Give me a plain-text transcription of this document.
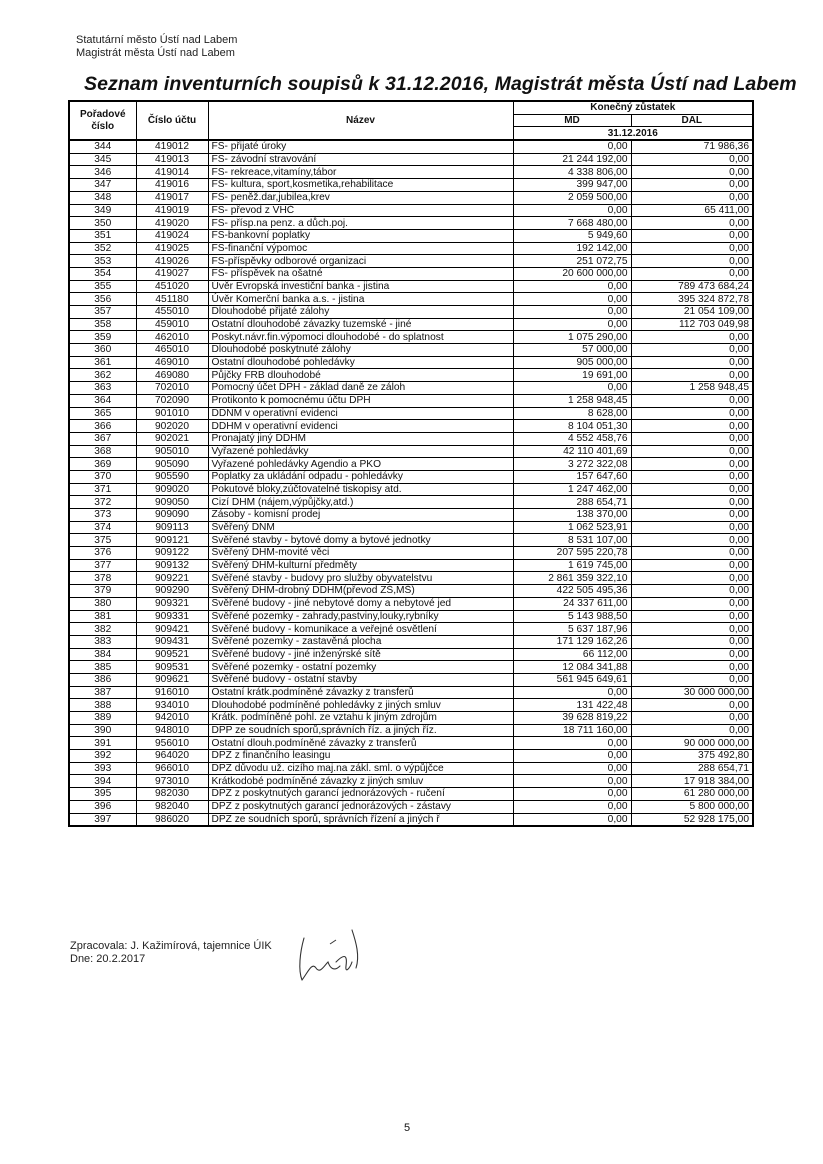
Statutární město Ústí nad Labem
Magistrát města Ústí nad Labem
Seznam inventurních soupisů k 31.12.2016, Magistrát města Ústí nad Labem
Pořadové číslo	Číslo účtu	Název	Konečný zůstatek	
			MD	DAL
			31.12.2016	
344	419012	FS- přijaté úroky	0,00	71 986,36
345	419013	FS- závodní stravování	21 244 192,00	0,00
346	419014	FS- rekreace,vitamíny,tábor	4 338 806,00	0,00
347	419016	FS- kultura, sport,kosmetika,rehabilitace	399 947,00	0,00
348	419017	FS- peněž.dar,jubilea,krev	2 059 500,00	0,00
349	419019	FS- převod z VHČ	0,00	65 411,00
350	419020	FS- přísp.na penz. a důch.poj.	7 668 480,00	0,00
351	419024	FS-bankovní poplatky	5 949,60	0,00
352	419025	FS-finanční výpomoc	192 142,00	0,00
353	419026	FS-příspěvky odborové organizaci	251 072,75	0,00
354	419027	FS- příspěvek na ošatné	20 600 000,00	0,00
355	451020	Úvěr Evropská investiční banka - jistina	0,00	789 473 684,24
356	451180	Úvěr Komerční banka a.s. - jistina	0,00	395 324 872,78
357	455010	Dlouhodobé přijaté zálohy	0,00	21 054 109,00
358	459010	Ostatní dlouhodobé závazky tuzemské - jiné	0,00	112 703 049,98
359	462010	Poskyt.návr.fin.výpomoci dlouhodobé - do splatnost	1 075 290,00	0,00
360	465010	Dlouhodobé poskytnuté zálohy	57 000,00	0,00
361	469010	Ostatní dlouhodobé pohledávky	905 000,00	0,00
362	469080	Půjčky FRB dlouhodobé	19 691,00	0,00
363	702010	Pomocný účet DPH - základ daně ze záloh	0,00	1 258 948,45
364	702090	Protikonto k pomocnému účtu DPH	1 258 948,45	0,00
365	901010	DDNM v operativní evidenci	8 628,00	0,00
366	902020	DDHM v operativní evidenci	8 104 051,30	0,00
367	902021	Pronajatý jiný DDHM	4 552 458,76	0,00
368	905010	Vyřazené pohledávky	42 110 401,69	0,00
369	905090	Vyřazené pohledávky Agendio a PKO	3 272 322,08	0,00
370	905590	Poplatky za ukládání odpadu - pohledávky	157 647,60	0,00
371	909020	Pokutové bloky,zúčtovatelné tiskopisy atd.	1 247 462,00	0,00
372	909050	Cizí DHM (nájem,výpůjčky,atd.)	288 654,71	0,00
373	909090	Zásoby - komisní prodej	138 370,00	0,00
374	909113	Svěřený DNM	1 062 523,91	0,00
375	909121	Svěřené stavby - bytové domy a bytové jednotky	8 531 107,00	0,00
376	909122	Svěřený DHM-movité věci	207 595 220,78	0,00
377	909132	Svěřený DHM-kulturní předměty	1 619 745,00	0,00
378	909221	Svěřené stavby - budovy pro služby obyvatelstvu	2 861 359 322,10	0,00
379	909290	Svěřený DHM-drobný DDHM(převod ZŠ,MŠ)	422 505 495,36	0,00
380	909321	Svěřené budovy - jiné nebytové domy a nebytové jed	24 337 611,00	0,00
381	909331	Svěřené pozemky - zahrady,pastviny,louky,rybníky	5 143 988,50	0,00
382	909421	Svěřené budovy - komunikace a veřejné osvětlení	5 637 187,96	0,00
383	909431	Svěřené pozemky - zastavěná plocha	171 129 162,26	0,00
384	909521	Svěřené budovy - jiné inženýrské sítě	66 112,00	0,00
385	909531	Svěřené pozemky - ostatní pozemky	12 084 341,88	0,00
386	909621	Svěřené budovy - ostatní stavby	561 945 649,61	0,00
387	916010	Ostatní krátk.podmíněné závazky z transferů	0,00	30 000 000,00
388	934010	Dlouhodobé podmíněné pohledávky z jiných smluv	131 422,48	0,00
389	942010	Krátk. podmíněné pohl. ze vztahu k jiným zdrojům	39 628 819,22	0,00
390	948010	DPP ze soudních sporů,správních říz. a jiných říz.	18 711 160,00	0,00
391	956010	Ostatní dlouh.podmíněné závazky z transferů	0,00	90 000 000,00
392	964020	DPZ z finančního leasingu	0,00	375 492,80
393	966010	DPZ důvodu už. cizího maj.na zákl. sml. o výpůjčce	0,00	288 654,71
394	973010	Krátkodobé podmíněné závazky z jiných smluv	0,00	17 918 384,00
395	982030	DPZ z poskytnutých garancí jednorázových - ručení	0,00	61 280 000,00
396	982040	DPZ z poskytnutých garancí jednorázových - zástavy	0,00	5 800 000,00
397	986020	DPZ ze soudních sporů, správních řízení a jiných ř	0,00	52 928 175,00
Zpracovala: J. Kažimírová, tajemnice ÚIK
Dne: 20.2.2017
5
